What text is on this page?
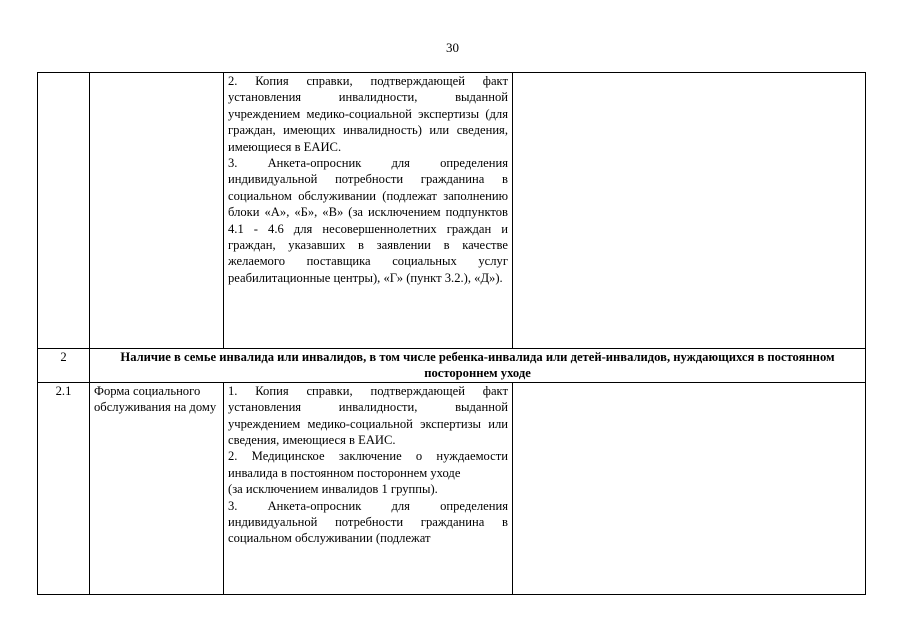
30

		2. Копия справки, подтверждающей факт установления инвалидности, выданной учреждением медико-социальной экспертизы (для граждан, имеющих инвалидность) или сведения, имеющиеся в ЕАИС.
3. Анкета-опросник для определения индивидуальной потребности гражданина в социальном обслуживании (подлежат заполнению блоки «А», «Б», «В» (за исключением подпунктов 4.1 - 4.6 для несовершеннолетних граждан и граждан, указавших в заявлении в качестве желаемого поставщика социальных услуг реабилитационные центры), «Г» (пункт 3.2.), «Д»).	

2	Наличие в семье инвалида или инвалидов, в том числе ребенка-инвалида или детей-инвалидов, нуждающихся в постоянном постороннем уходе		
2.1	Форма социального обслуживания на дому	1. Копия справки, подтверждающей факт установления инвалидности, выданной учреждением медико-социальной экспертизы или сведения, имеющиеся в ЕАИС.
2. Медицинское заключение о нуждаемости инвалида в постоянном постороннем уходе
(за исключением инвалидов 1 группы).
3. Анкета-опросник для определения индивидуальной потребности гражданина в социальном обслуживании (подлежат	
